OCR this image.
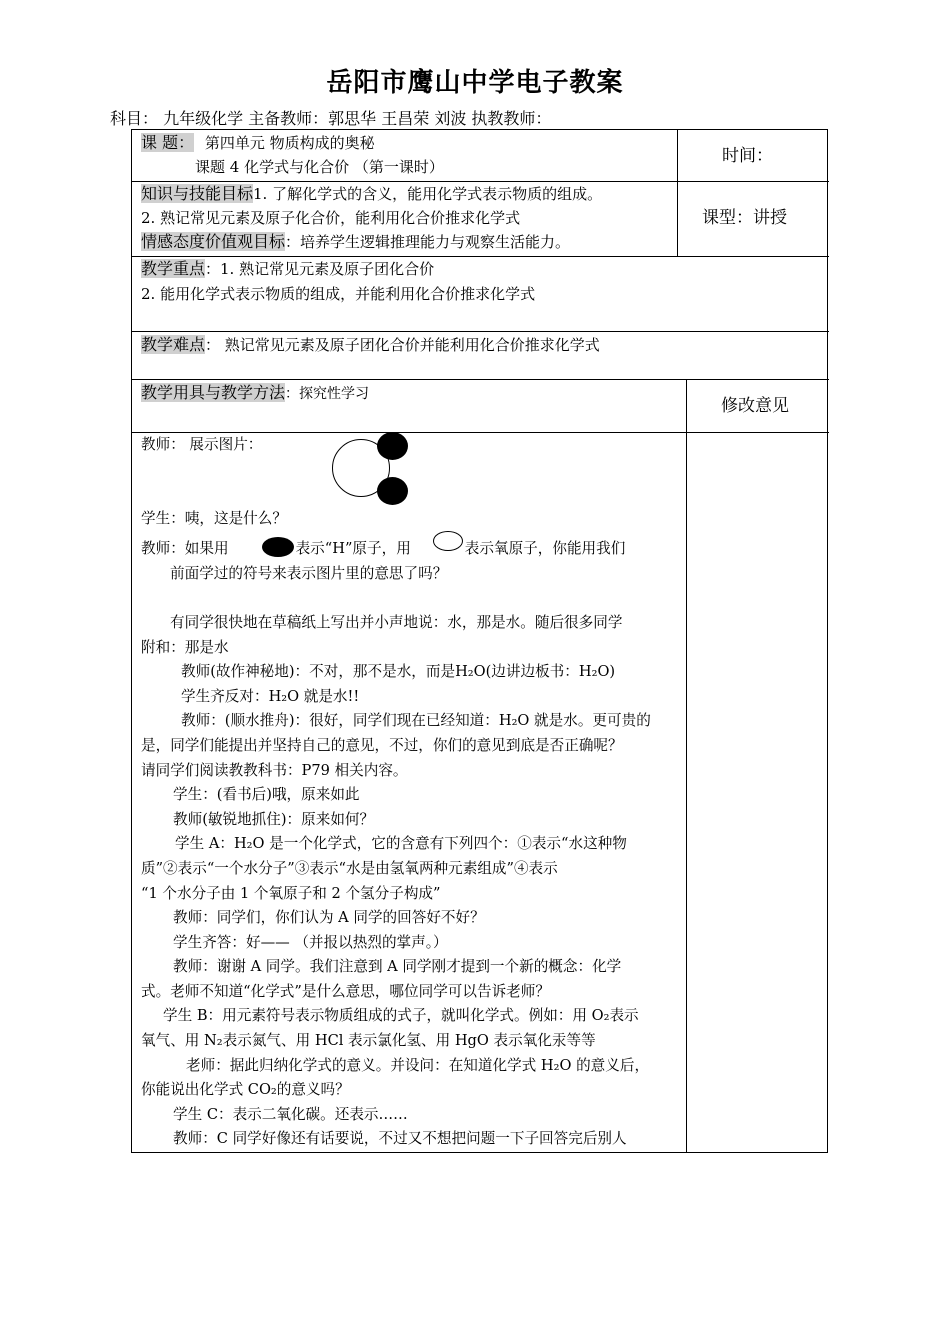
岳阳市鹰山中学电子教案
科目： 九年级化学 主备教师：郭思华 王昌荣 刘波 执教教师：
课 题： 第四单元 物质构成的奥秘
课题 4 化学式与化合价 （第一课时）
时间：
知识与技能目标1. 了解化学式的含义，能用化学式表示物质的组成。
2. 熟记常见元素及原子化合价，能利用化合价推求化学式
情感态度价值观目标：培养学生逻辑推理能力与观察生活能力。
课型：讲授
教学重点：1. 熟记常见元素及原子团化合价
2. 能用化学式表示物质的组成，并能利用化合价推求化学式
教学难点： 熟记常见元素及原子团化合价并能利用化合价推求化学式
教学用具与教学方法：探究性学习
修改意见

教师： 展示图片：

学生：咦，这是什么？

教师：如果用	表示“H”原子，用	表示氧原子，你能用我们

前面学过的符号来表示图片里的意思了吗？

有同学很快地在草稿纸上写出并小声地说：水，那是水。随后很多同学

附和：那是水

教师(故作神秘地)：不对，那不是水，而是H₂O(边讲边板书：H₂O)

学生齐反对：H₂O 就是水!!

教师：(顺水推舟)：很好，同学们现在已经知道：H₂O 就是水。更可贵的

是，同学们能提出并坚持自己的意见，不过，你们的意见到底是否正确呢？

请同学们阅读教教科书：P79 相关内容。

学生：(看书后)哦，原来如此

教师(敏锐地抓住)：原来如何？

学生 A：H₂O 是一个化学式，它的含意有下列四个：①表示“水这种物

质”②表示“一个水分子”③表示“水是由氢氧两种元素组成”④表示

“1 个水分子由 1 个氧原子和 2 个氢分子构成”

教师：同学们，你们认为 A 同学的回答好不好？

学生齐答：好—— （并报以热烈的掌声。）

教师：谢谢 A 同学。我们注意到 A 同学刚才提到一个新的概念：化学

式。老师不知道“化学式”是什么意思，哪位同学可以告诉老师？

学生 B：用元素符号表示物质组成的式子，就叫化学式。例如：用 O₂表示

氧气、用 N₂表示氮气、用 HCl 表示氯化氢、用 HgO 表示氧化汞等等

老师：据此归纳化学式的意义。并设问：在知道化学式 H₂O 的意义后，

你能说出化学式 CO₂的意义吗？

学生 C：表示二氧化碳。还表示……

教师：C 同学好像还有话要说，不过又不想把问题一下子回答完后别人
